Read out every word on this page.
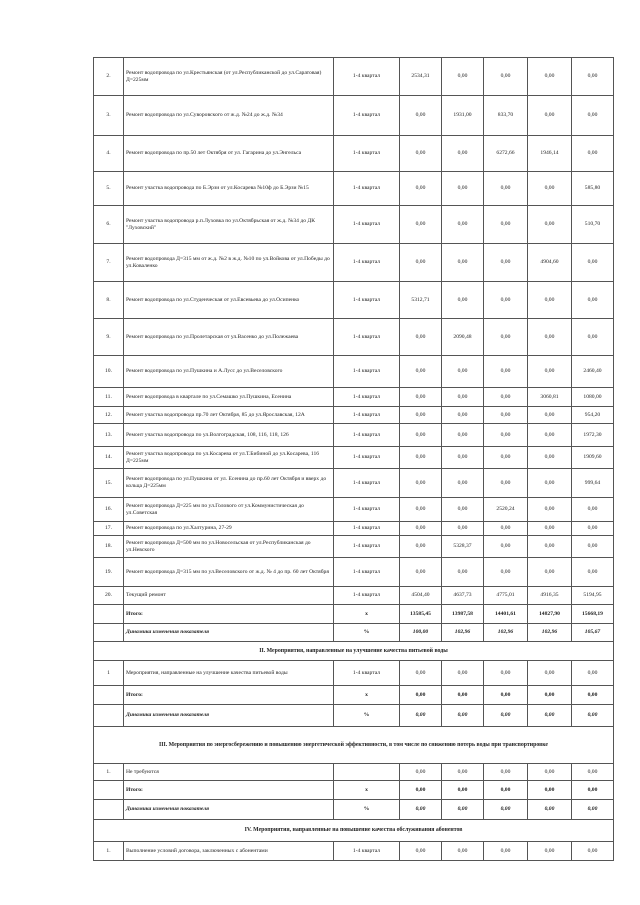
2.	Ремонт водопровода по ул.Крестьянская (от ул.Республиканской до ул.Саратовая) Д=225мм	1-4 квартал	2534,31	0,00	0,00	0,00	0,00
3.	Ремонт водопровода по ул.Суворовского от ж.д. №24 до ж.д. №34	1-4 квартал	0,00	1931,00	833,70	0,00	0,00
4.	Ремонт водопровода по пр.50 лет Октября от ул. Гагарина до ул.Энгельса	1-4 квартал	0,00	0,00	6272,66	1946,14	0,00
5.	Ремонт участка водопровода по Б.Эрзи от ул.Косарева №10ф до Б.Эрзи №15	1-4 квартал	0,00	0,00	0,00	0,00	585,80
6.	Ремонт участка водопровода р.п.Луховка по ул.Октябрьская от ж.д. №34 до ДК "Луховский"	1-4 квартал	0,00	0,00	0,00	0,00	510,70
7.	Ремонт водопровода Д=315 мм от ж.д. №2 в ж.д. №10 по ул.Войкова от ул.Победы до ул.Коваленко	1-4 квартал	0,00	0,00	0,00	4904,60	0,00
8.	Ремонт водопровода по ул.Студенческая от ул.Евсевьева до ул.Осипенко	1-4 квартал	5312,71	0,00	0,00	0,00	0,00
9.	Ремонт водопровода по ул.Пролетарская от ул.Васенко до ул.Полежаева	1-4 квартал	0,00	2090,48	0,00	0,00	0,00
10.	Ремонт водопровода по ул.Пушкина и А.Лусс до ул.Веселовского	1-4 квартал	0,00	0,00	0,00	0,00	2460,40
11.	Ремонт водопровода в квартале по ул.Семашко ул.Пушкина, Есенина	1-4 квартал	0,00	0,00	0,00	3060,81	1080,00
12.	Ремонт участка водопровода пр.70 лет Октября, 85 до ул.Ярославская, 12А	1-4 квартал	0,00	0,00	0,00	0,00	954,20
13.	Ремонт участка водопровода по ул.Волгоградская, 108, 116, 118, 126	1-4 квартал	0,00	0,00	0,00	0,00	1972,30
14.	Ремонт участка водопровода по ул.Косарева от ул.Т.Бибиной до ул.Косарева, 116 Д=225мм	1-4 квартал	0,00	0,00	0,00	0,00	1909,60
15.	Ремонт водопровода по ул.Пушкина от ул. Есенина до пр.60 лет Октября и вверх до кольца Д=225мм	1-4 квартал	0,00	0,00	0,00	0,00	999,64
16.	Ремонт водопровода Д=225 мм по ул.Голового от ул.Коммунистическая до ул.Советская	1-4 квартал	0,00	0,00	2520,24	0,00	0,00
17.	Ремонт водопровода по ул.Халтурина, 27-29	1-4 квартал	0,00	0,00	0,00	0,00	0,00
18.	Ремонт водопровода Д=500 мм по ул.Новосельская от ул.Республиканская до ул.Невского	1-4 квартал	0,00	5328,37	0,00	0,00	0,00
19.	Ремонт водопровода Д=315 мм по ул.Веселовского от ж.д. № 4 до пр. 60 лет Октября	1-4 квартал	0,00	0,00	0,00	0,00	0,00
20.	Текущий ремонт	1-4 квартал	4504,40	4637,73	4775,01	4916,35	5194,95
	Итого:	х	13585,45	13987,58	14401,61	14827,90	15668,19
	Динамика изменения показателя	%	100,00	102,96	102,96	102,96	105,67
II. Мероприятия, направленные на улучшение качества питьевой воды							
1	Мероприятия, направленные на улучшение качества питьевой воды	1-4 квартал	0,00	0,00	0,00	0,00	0,00
	Итого:	х	0,00	0,00	0,00	0,00	0,00
	Динамика изменения показателя	%	0,00	0,00	0,00	0,00	0,00
III. Мероприятия по энергосбережению и повышению энергетической эффективности, в том числе по снижению потерь воды при транспортировке							
1.	Не требуются		0,00	0,00	0,00	0,00	0,00
	Итого:	х	0,00	0,00	0,00	0,00	0,00
	Динамика изменения показателя	%	0,00	0,00	0,00	0,00	0,00
IV. Мероприятия, направленные на повышение качества обслуживания абонентов							
1.	Выполнение условий договора, заключенных с абонентами	1-4 квартал	0,00	0,00	0,00	0,00	0,00
